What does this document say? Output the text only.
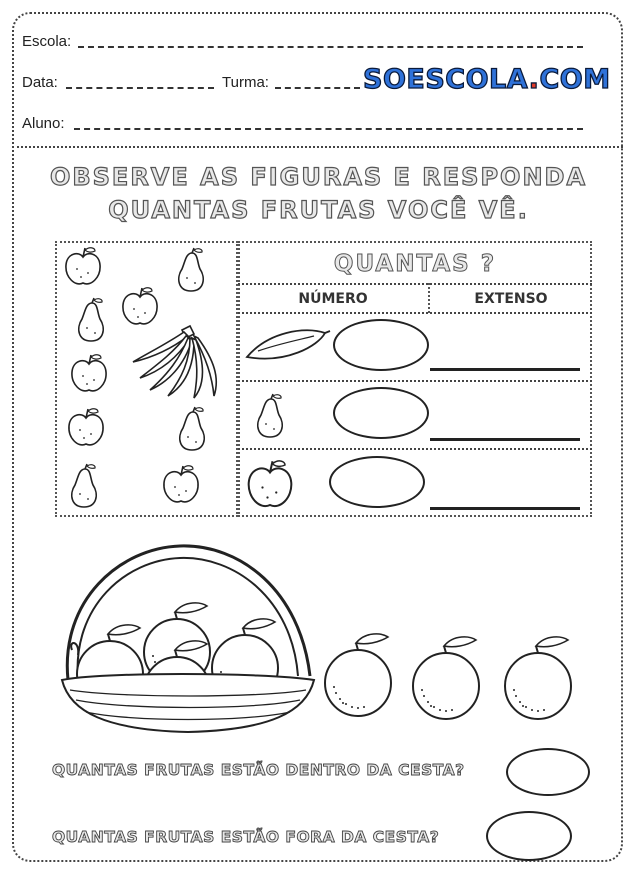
Escola:
Data:	Turma:	SOESCOLA.COM
Aluno:
OBSERVE AS FIGURAS E RESPONDA
QUANTAS FRUTAS VOCÊ VÊ.
QUANTAS ?
NÚMERO	EXTENSO
QUANTAS FRUTAS ESTÃO DENTRO DA CESTA?
QUANTAS FRUTAS ESTÃO FORA DA CESTA?
